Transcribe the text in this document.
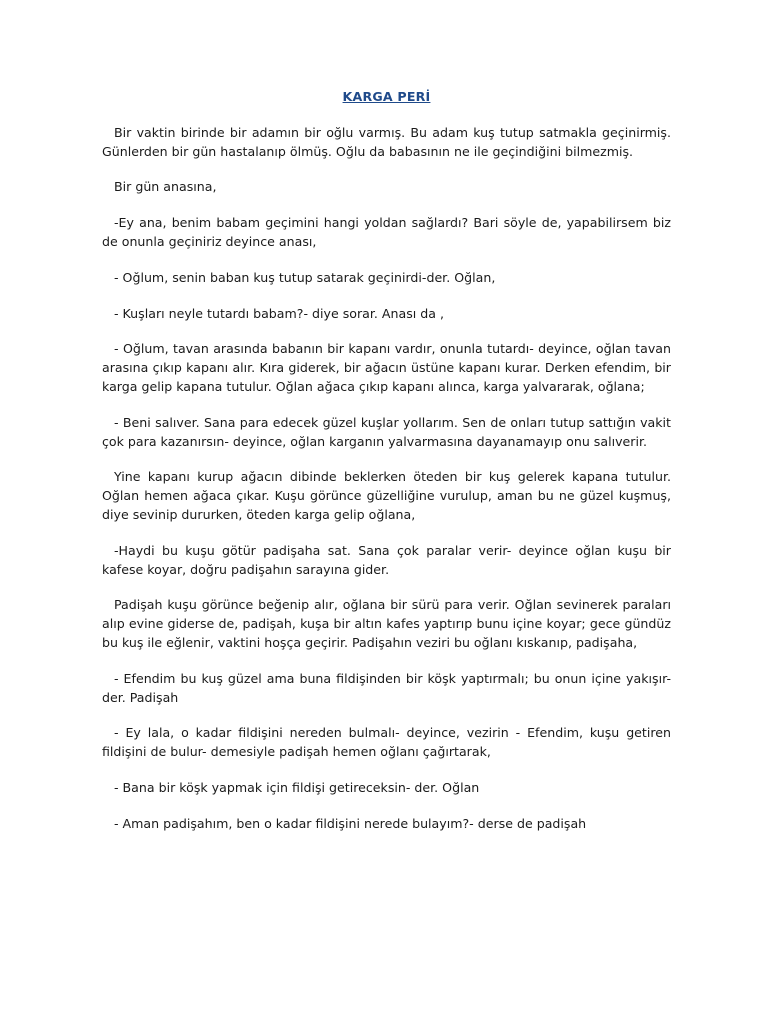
KARGA PERİ

Bir vaktin birinde bir adamın bir oğlu varmış. Bu adam kuş tutup satmakla geçinirmiş. Günlerden bir gün hastalanıp ölmüş. Oğlu da babasının ne ile geçindiğini bilmezmiş.

Bir gün anasına,

-Ey ana, benim babam geçimini hangi yoldan sağlardı? Bari söyle de, yapabilirsem biz de onunla geçiniriz deyince anası,

- Oğlum, senin baban kuş tutup satarak geçinirdi-der. Oğlan,

- Kuşları neyle tutardı babam?- diye sorar. Anası da ,

- Oğlum, tavan arasında babanın bir kapanı vardır, onunla tutardı- deyince, oğlan tavan arasına çıkıp kapanı alır. Kıra giderek, bir ağacın üstüne kapanı kurar. Derken efendim, bir karga gelip kapana tutulur. Oğlan ağaca çıkıp kapanı alınca, karga yalvararak, oğlana;

- Beni salıver. Sana para edecek güzel kuşlar yollarım. Sen de onları tutup sattığın vakit çok para kazanırsın- deyince, oğlan karganın yalvarmasına dayanamayıp onu salıverir.

Yine kapanı kurup ağacın dibinde beklerken öteden bir kuş gelerek kapana tutulur. Oğlan hemen ağaca çıkar. Kuşu görünce güzelliğine vurulup, aman bu ne güzel kuşmuş, diye sevinip dururken, öteden karga gelip oğlana,

-Haydi bu kuşu götür padişaha sat. Sana çok paralar verir- deyince oğlan kuşu bir kafese koyar, doğru padişahın sarayına gider.

Padişah kuşu görünce beğenip alır, oğlana bir sürü para verir. Oğlan sevinerek paraları alıp evine giderse de, padişah, kuşa bir altın kafes yaptırıp bunu içine koyar; gece gündüz bu kuş ile eğlenir, vaktini hoşça geçirir. Padişahın veziri bu oğlanı kıskanıp, padişaha,

- Efendim bu kuş güzel ama buna fildişinden bir köşk yaptırmalı; bu onun içine yakışır- der. Padişah

- Ey lala, o kadar fildişini nereden bulmalı- deyince, vezirin - Efendim, kuşu getiren fildişini de bulur- demesiyle padişah hemen oğlanı çağırtarak,

- Bana bir köşk yapmak için fildişi getireceksin- der. Oğlan

- Aman padişahım, ben o kadar fildişini nerede bulayım?- derse de padişah
